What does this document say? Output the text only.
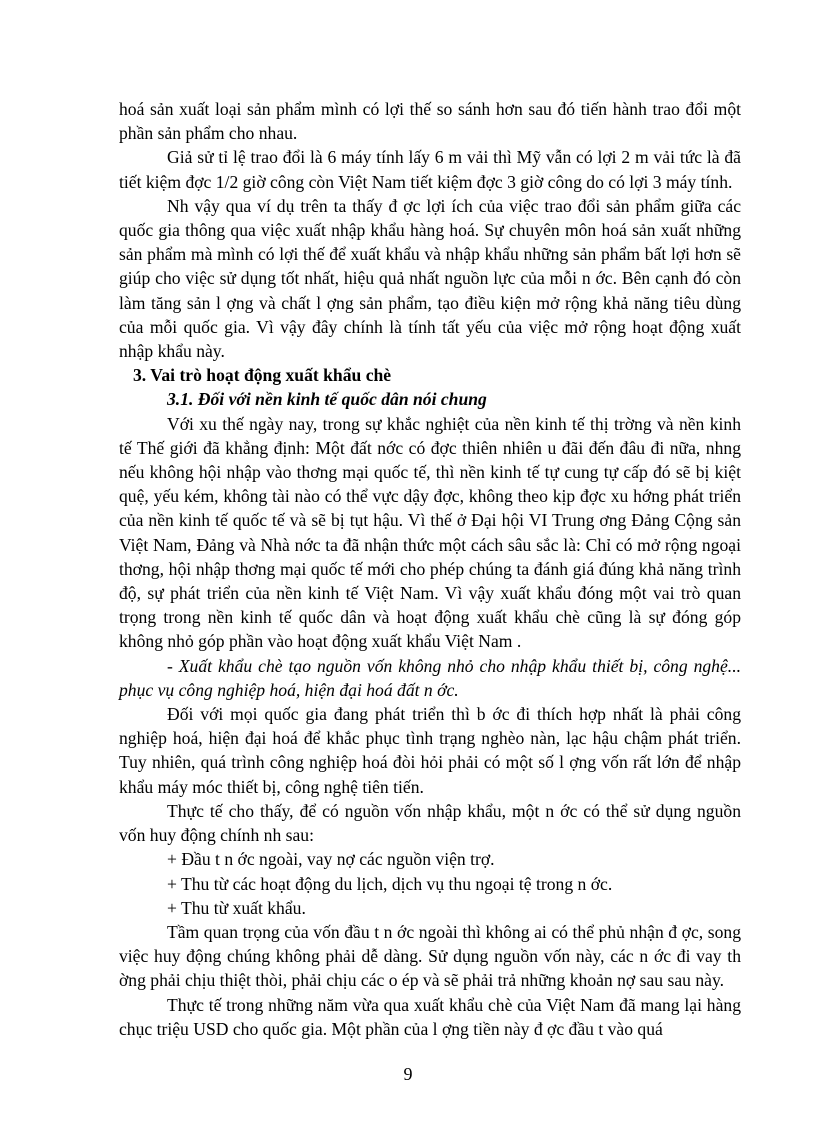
hoá sản xuất loại sản phẩm mình có lợi thế so sánh hơn sau đó tiến hành trao đổi một phần sản phẩm cho nhau.

Giả sử tỉ lệ trao đổi là 6 máy tính lấy 6 m vải thì Mỹ vẫn có lợi 2 m vải tức là đã tiết kiệm đợc 1/2 giờ công còn Việt Nam tiết kiệm đợc 3 giờ công do có lợi 3 máy tính.

Nh vậy qua ví dụ trên ta thấy đ ợc lợi ích của việc trao đổi sản phẩm giữa các quốc gia thông qua việc xuất nhập khẩu hàng hoá. Sự chuyên môn hoá sản xuất những sản phẩm mà mình có lợi thế để xuất khẩu và nhập khẩu những sản phẩm bất lợi hơn sẽ giúp cho việc sử dụng tốt nhất, hiệu quả nhất nguồn lực của mỗi n ớc. Bên cạnh đó còn làm tăng sản l ợng và chất l ợng sản phẩm, tạo điều kiện mở rộng khả năng tiêu dùng của mỗi quốc gia. Vì vậy đây chính là tính tất yếu của việc mở rộng hoạt động xuất nhập khẩu này.

3. Vai trò hoạt động xuất khẩu chè

3.1. Đối với nền kinh tế quốc dân nói chung

Với xu thế ngày nay, trong sự khắc nghiệt của nền kinh tế thị trờng và nền kinh tế Thế giới đã khẳng định: Một đất nớc có đợc thiên nhiên u đãi đến đâu đi nữa, nhng nếu không hội nhập vào thơng mại quốc tế, thì nền kinh tế tự cung tự cấp đó sẽ bị kiệt quệ, yếu kém, không tài nào có thể vực dậy đợc, không theo kịp đợc xu hớng phát triển của nền kinh tế quốc tế và sẽ bị tụt hậu. Vì thế ở Đại hội VI Trung ơng Đảng Cộng sản Việt Nam, Đảng và Nhà nớc ta đã nhận thức một cách sâu sắc là: Chỉ có mở rộng ngoại thơng, hội nhập thơng mại quốc tế mới cho phép chúng ta đánh giá đúng khả năng trình độ, sự phát triển của nền kinh tế Việt Nam. Vì vậy xuất khẩu đóng một vai trò quan trọng trong nền kinh tế quốc dân và hoạt động xuất khẩu chè cũng là sự đóng góp không nhỏ góp phần vào hoạt động xuất khẩu Việt Nam .

- Xuất khẩu chè tạo nguồn vốn không nhỏ cho nhập khẩu thiết bị, công nghệ... phục vụ công nghiệp hoá, hiện đại hoá đất n ớc.

Đối với mọi quốc gia đang phát triển thì b ớc đi thích hợp nhất là phải công nghiệp hoá, hiện đại hoá để khắc phục tình trạng nghèo nàn, lạc hậu chậm phát triển. Tuy nhiên, quá trình công nghiệp hoá đòi hỏi phải có một số l ợng vốn rất lớn để nhập khẩu máy móc thiết bị, công nghệ tiên tiến.

Thực tế cho thấy, để có nguồn vốn nhập khẩu, một n ớc có thể sử dụng nguồn vốn huy động chính nh sau:

+ Đầu t n ớc ngoài, vay nợ các nguồn viện trợ.

+ Thu từ các hoạt động du lịch, dịch vụ thu ngoại tệ trong n ớc.

+ Thu từ xuất khẩu.

Tầm quan trọng của vốn đầu t n ớc ngoài thì không ai có thể phủ nhận đ ợc, song việc huy động chúng không phải dễ dàng. Sử dụng nguồn vốn này, các n ớc đi vay th ờng phải chịu thiệt thòi, phải chịu các o ép và sẽ phải trả những khoản nợ sau sau này.

Thực tế trong những năm vừa qua xuất khẩu chè của Việt Nam đã mang lại hàng chục triệu USD cho quốc gia. Một phần của l ợng tiền này đ ợc đầu t vào quá

9
